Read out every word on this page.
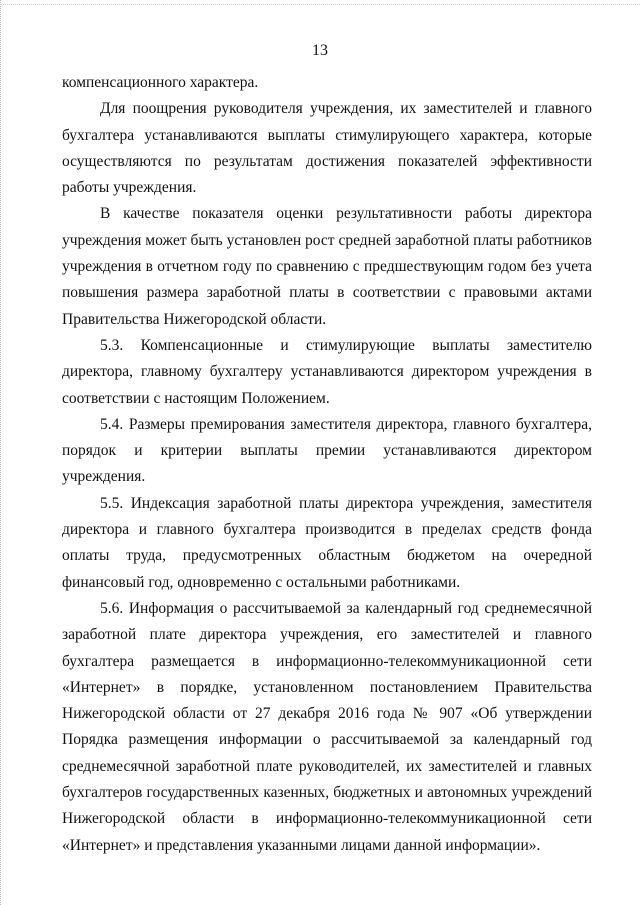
13

компенсационного характера.

Для поощрения руководителя учреждения, их заместителей и главного бухгалтера устанавливаются выплаты стимулирующего характера, которые осуществляются по результатам достижения показателей эффективности работы учреждения.

В качестве показателя оценки результативности работы директора учреждения может быть установлен рост средней заработной платы работников учреждения в отчетном году по сравнению с предшествующим годом без учета повышения размера заработной платы в соответствии с правовыми актами Правительства Нижегородской области.

5.3. Компенсационные и стимулирующие выплаты заместителю директора, главному бухгалтеру устанавливаются директором учреждения в соответствии с настоящим Положением.

5.4. Размеры премирования заместителя директора, главного бухгалтера, порядок и критерии выплаты премии устанавливаются директором учреждения.

5.5. Индексация заработной платы директора учреждения, заместителя директора и главного бухгалтера производится в пределах средств фонда оплаты труда, предусмотренных областным бюджетом на очередной финансовый год, одновременно с остальными работниками.

5.6. Информация о рассчитываемой за календарный год среднемесячной заработной плате директора учреждения, его заместителей и главного бухгалтера размещается в информационно-телекоммуникационной сети «Интернет» в порядке, установленном постановлением Правительства Нижегородской области от 27 декабря 2016 года № 907 «Об утверждении Порядка размещения информации о рассчитываемой за календарный год среднемесячной заработной плате руководителей, их заместителей и главных бухгалтеров государственных казенных, бюджетных и автономных учреждений Нижегородской области в информационно-телекоммуникационной сети «Интернет» и представления указанными лицами данной информации».
